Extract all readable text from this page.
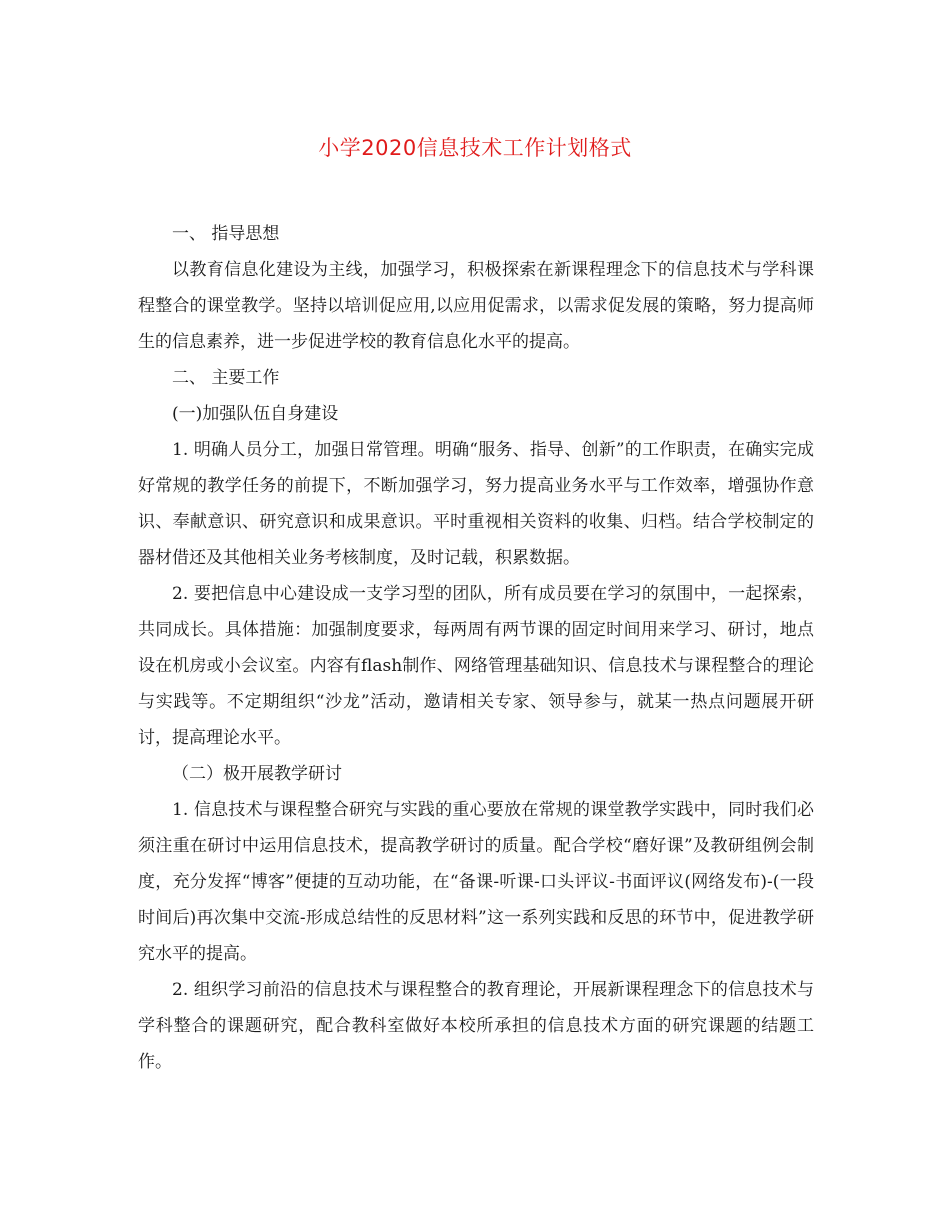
小学2020信息技术工作计划格式

一、 指导思想

以教育信息化建设为主线，加强学习，积极探索在新课程理念下的信息技术与学科课程整合的课堂教学。坚持以培训促应用,以应用促需求，以需求促发展的策略，努力提高师生的信息素养，进一步促进学校的教育信息化水平的提高。

二、 主要工作

(一)加强队伍自身建设

1. 明确人员分工，加强日常管理。明确“服务、指导、创新”的工作职责，在确实完成好常规的教学任务的前提下，不断加强学习，努力提高业务水平与工作效率，增强协作意识、奉献意识、研究意识和成果意识。平时重视相关资料的收集、归档。结合学校制定的器材借还及其他相关业务考核制度，及时记载，积累数据。

2. 要把信息中心建设成一支学习型的团队，所有成员要在学习的氛围中，一起探索，共同成长。具体措施：加强制度要求，每两周有两节课的固定时间用来学习、研讨，地点设在机房或小会议室。内容有flash制作、网络管理基础知识、信息技术与课程整合的理论与实践等。不定期组织“沙龙”活动，邀请相关专家、领导参与，就某一热点问题展开研讨，提高理论水平。

（二）极开展教学研讨

1. 信息技术与课程整合研究与实践的重心要放在常规的课堂教学实践中，同时我们必须注重在研讨中运用信息技术，提高教学研讨的质量。配合学校“磨好课”及教研组例会制度，充分发挥“博客”便捷的互动功能，在“备课-听课-口头评议-书面评议(网络发布)-(一段时间后)再次集中交流-形成总结性的反思材料”这一系列实践和反思的环节中，促进教学研究水平的提高。

2. 组织学习前沿的信息技术与课程整合的教育理论，开展新课程理念下的信息技术与学科整合的课题研究，配合教科室做好本校所承担的信息技术方面的研究课题的结题工作。
